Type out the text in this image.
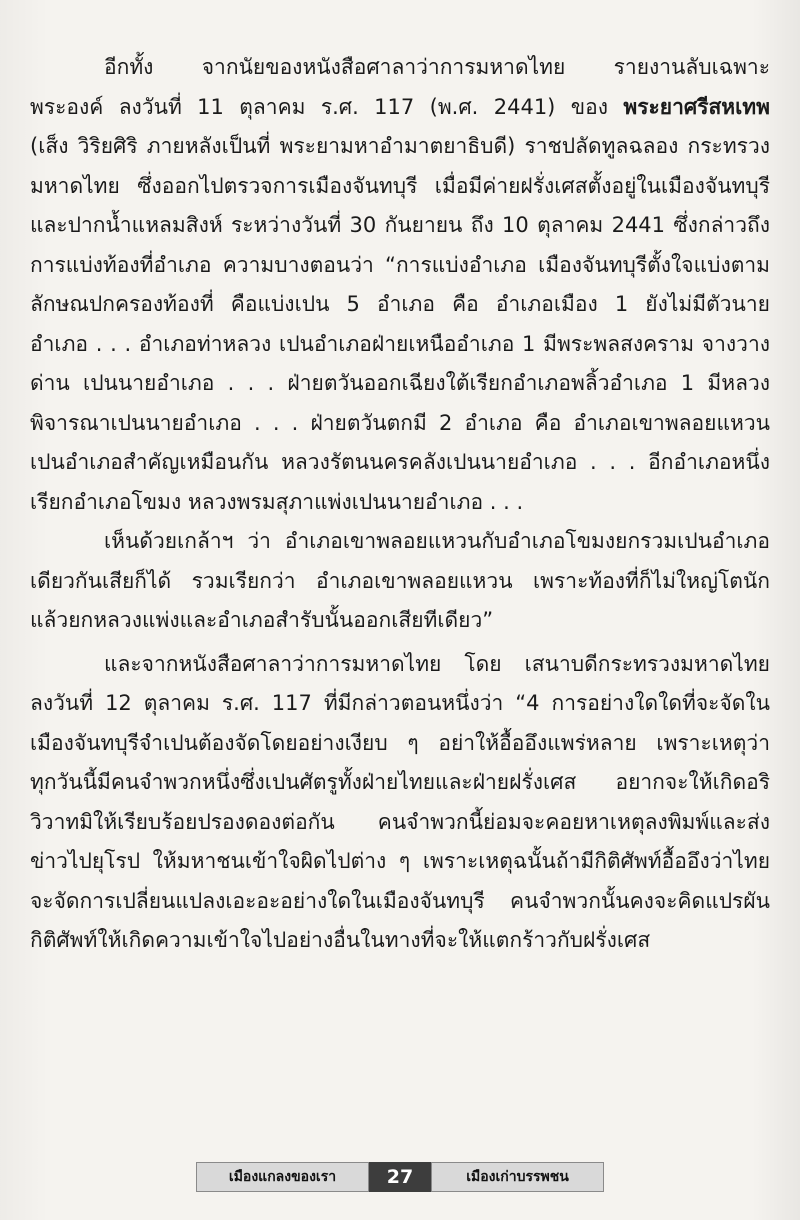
อีกทั้ง จากนัยของหนังสือศาลาว่าการมหาดไทย รายงานลับเฉพาะ
พระองค์ ลงวันที่ 11 ตุลาคม ร.ศ. 117 (พ.ศ. 2441) ของ พระยาศรีสหเทพ
(เส็ง วิริยศิริ ภายหลังเป็นที่ พระยามหาอำมาตยาธิบดี) ราชปลัดทูลฉลอง กระทรวง
มหาดไทย ซึ่งออกไปตรวจการเมืองจันทบุรี เมื่อมีค่ายฝรั่งเศสตั้งอยู่ในเมืองจันทบุรี
และปากน้ำแหลมสิงห์ ระหว่างวันที่ 30 กันยายน ถึง 10 ตุลาคม 2441 ซึ่งกล่าวถึง
การแบ่งท้องที่อำเภอ ความบางตอนว่า “การแบ่งอำเภอ เมืองจันทบุรีตั้งใจแบ่งตาม
ลักษณปกครองท้องที่ คือแบ่งเปน 5 อำเภอ คือ อำเภอเมือง 1 ยังไม่มีตัวนาย
อำเภอ . . . อำเภอท่าหลวง เปนอำเภอฝ่ายเหนืออำเภอ 1 มีพระพลสงคราม จางวาง
ด่าน เปนนายอำเภอ . . . ฝ่ายตวันออกเฉียงใต้เรียกอำเภอพลิ้วอำเภอ 1 มีหลวง
พิจารณาเปนนายอำเภอ . . . ฝ่ายตวันตกมี 2 อำเภอ คือ อำเภอเขาพลอยแหวน
เปนอำเภอสำคัญเหมือนกัน หลวงรัตนนครคลังเปนนายอำเภอ . . . อีกอำเภอหนึ่ง
เรียกอำเภอโขมง หลวงพรมสุภาแพ่งเปนนายอำเภอ . . .
เห็นด้วยเกล้าฯ ว่า อำเภอเขาพลอยแหวนกับอำเภอโขมงยกรวมเปนอำเภอ
เดียวกันเสียก็ได้ รวมเรียกว่า อำเภอเขาพลอยแหวน เพราะท้องที่ก็ไม่ใหญ่โตนัก
แล้วยกหลวงแพ่งและอำเภอสำรับนั้นออกเสียทีเดียว”
และจากหนังสือศาลาว่าการมหาดไทย โดย เสนาบดีกระทรวงมหาดไทย
ลงวันที่ 12 ตุลาคม ร.ศ. 117 ที่มีกล่าวตอนหนึ่งว่า “4 การอย่างใดใดที่จะจัดใน
เมืองจันทบุรีจำเปนต้องจัดโดยอย่างเงียบ ๆ อย่าให้อื้ออึงแพร่หลาย เพราะเหตุว่า
ทุกวันนี้มีคนจำพวกหนึ่งซึ่งเปนศัตรูทั้งฝ่ายไทยและฝ่ายฝรั่งเศส อยากจะให้เกิดอริ
วิวาทมิให้เรียบร้อยปรองดองต่อกัน คนจำพวกนี้ย่อมจะคอยหาเหตุลงพิมพ์และส่ง
ข่าวไปยุโรป ให้มหาชนเข้าใจผิดไปต่าง ๆ เพราะเหตุฉนั้นถ้ามีกิติศัพท์อื้ออึงว่าไทย
จะจัดการเปลี่ยนแปลงเอะอะอย่างใดในเมืองจันทบุรี คนจำพวกนั้นคงจะคิดแปรผัน
กิติศัพท์ให้เกิดความเข้าใจไปอย่างอื่นในทางที่จะให้แตกร้าวกับฝรั่งเศส
เมืองแกลงของเรา	27	เมืองเก่าบรรพชน
